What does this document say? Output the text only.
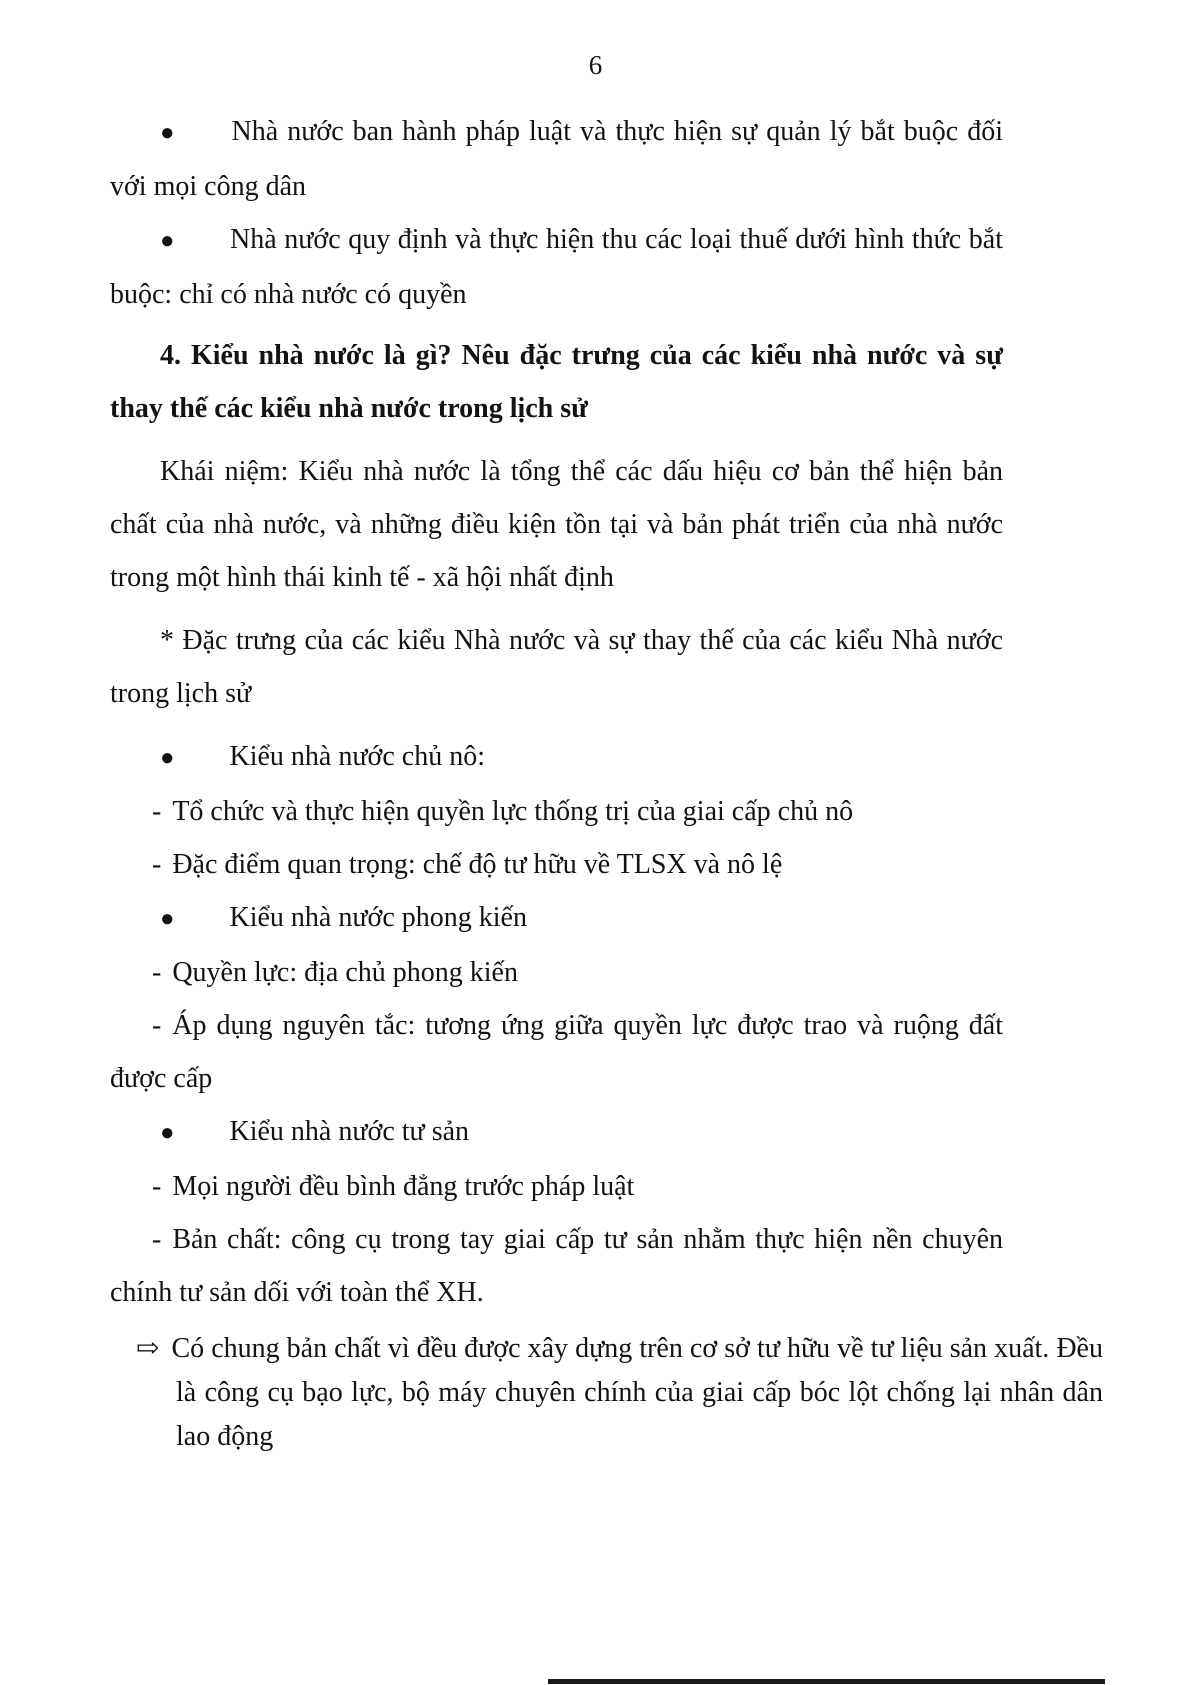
6

● Nhà nước ban hành pháp luật và thực hiện sự quản lý bắt buộc đối với mọi công dân

● Nhà nước quy định và thực hiện thu các loại thuế dưới hình thức bắt buộc: chỉ có nhà nước có quyền

4. Kiểu nhà nước là gì? Nêu đặc trưng của các kiểu nhà nước và sự thay thế các kiểu nhà nước trong lịch sử

Khái niệm: Kiểu nhà nước là tổng thể các dấu hiệu cơ bản thể hiện bản chất của nhà nước, và những điều kiện tồn tại và bản phát triển của nhà nước trong một hình thái kinh tế - xã hội nhất định

* Đặc trưng của các kiểu Nhà nước và sự thay thế của các kiểu Nhà nước trong lịch sử

● Kiểu nhà nước chủ nô:

- Tổ chức và thực hiện quyền lực thống trị của giai cấp chủ nô

- Đặc điểm quan trọng: chế độ tư hữu về TLSX và nô lệ

● Kiểu nhà nước phong kiến

- Quyền lực: địa chủ phong kiến

- Áp dụng nguyên tắc: tương ứng giữa quyền lực được trao và ruộng đất được cấp

● Kiểu nhà nước tư sản

- Mọi người đều bình đẳng trước pháp luật

- Bản chất: công cụ trong tay giai cấp tư sản nhằm thực hiện nền chuyên chính tư sản dối với toàn thể XH.

⇨ Có chung bản chất vì đều được xây dựng trên cơ sở tư hữu về tư liệu sản xuất. Đều là công cụ bạo lực, bộ máy chuyên chính của giai cấp bóc lột chống lại nhân dân lao động
